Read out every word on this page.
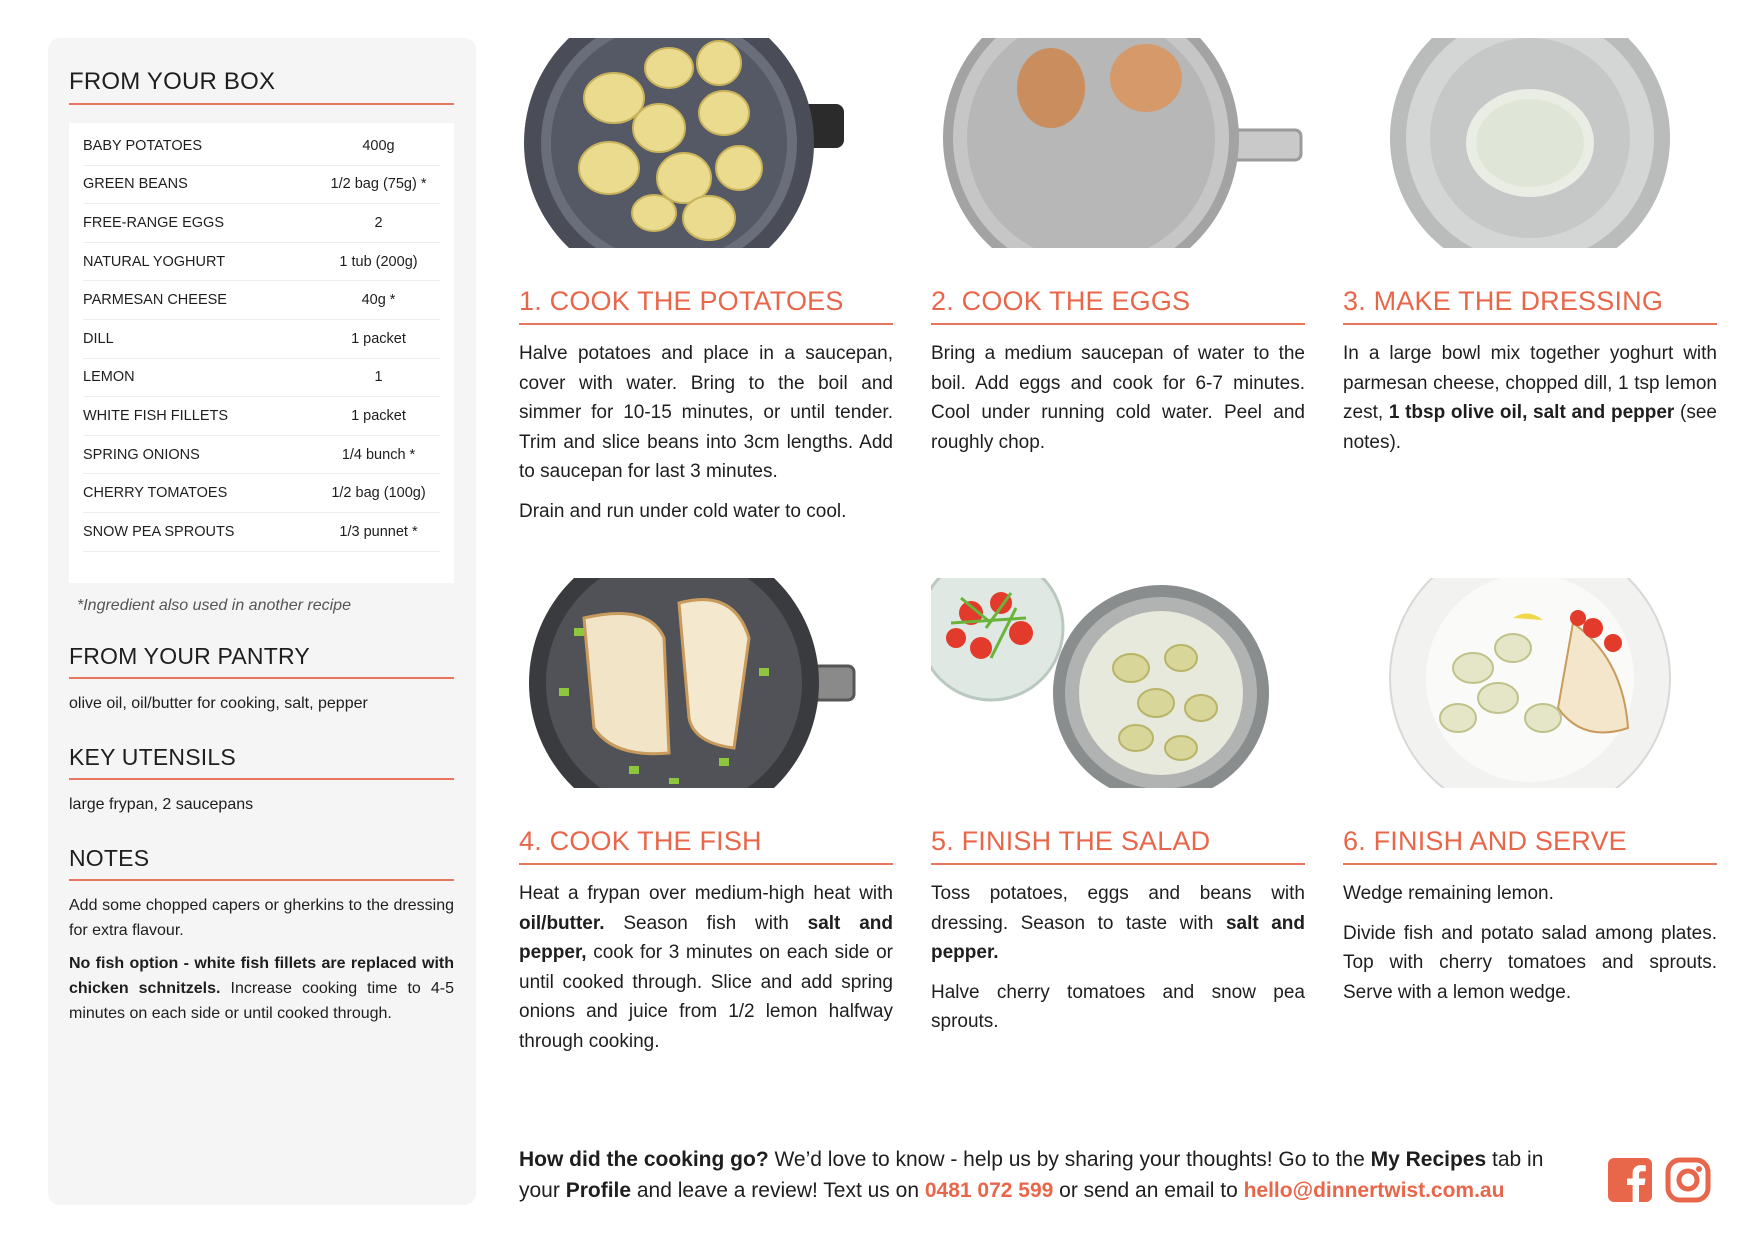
FROM YOUR BOX
BABY POTATOES	400g
GREEN BEANS	1/2 bag (75g) *
FREE-RANGE EGGS	2
NATURAL YOGHURT	1 tub (200g)
PARMESAN CHEESE	40g *
DILL	1 packet
LEMON	1
WHITE FISH FILLETS	1 packet
SPRING ONIONS	1/4 bunch *
CHERRY TOMATOES	1/2 bag (100g)
SNOW PEA SPROUTS	1/3 punnet *
*Ingredient also used in another recipe
FROM YOUR PANTRY
olive oil, oil/butter for cooking, salt, pepper
KEY UTENSILS
large frypan, 2 saucepans
NOTES
Add some chopped capers or gherkins to the dressing for extra flavour.
No fish option - white fish fillets are replaced with chicken schnitzels. Increase cooking time to 4-5 minutes on each side or until cooked through.
1. COOK THE POTATOES

Halve potatoes and place in a saucepan, cover with water. Bring to the boil and simmer for 10-15 minutes, or until tender. Trim and slice beans into 3cm lengths. Add to saucepan for last 3 minutes.

Drain and run under cold water to cool.

2. COOK THE EGGS

Bring a medium saucepan of water to the boil. Add eggs and cook for 6-7 minutes. Cool under running cold water. Peel and roughly chop.

3. MAKE THE DRESSING

In a large bowl mix together yoghurt with parmesan cheese, chopped dill, 1 tsp lemon zest, 1 tbsp olive oil, salt and pepper (see notes).

4. COOK THE FISH

Heat a frypan over medium-high heat with oil/butter. Season fish with salt and pepper, cook for 3 minutes on each side or until cooked through. Slice and add spring onions and juice from 1/2 lemon halfway through cooking.

5. FINISH THE SALAD

Toss potatoes, eggs and beans with dressing. Season to taste with salt and pepper.

Halve cherry tomatoes and snow pea sprouts.

6. FINISH AND SERVE

Wedge remaining lemon.

Divide fish and potato salad among plates. Top with cherry tomatoes and sprouts. Serve with a lemon wedge.

How did the cooking go? We’d love to know - help us by sharing your thoughts! Go to the My Recipes tab in your Profile and leave a review! Text us on 0481 072 599 or send an email to hello@dinnertwist.com.au
